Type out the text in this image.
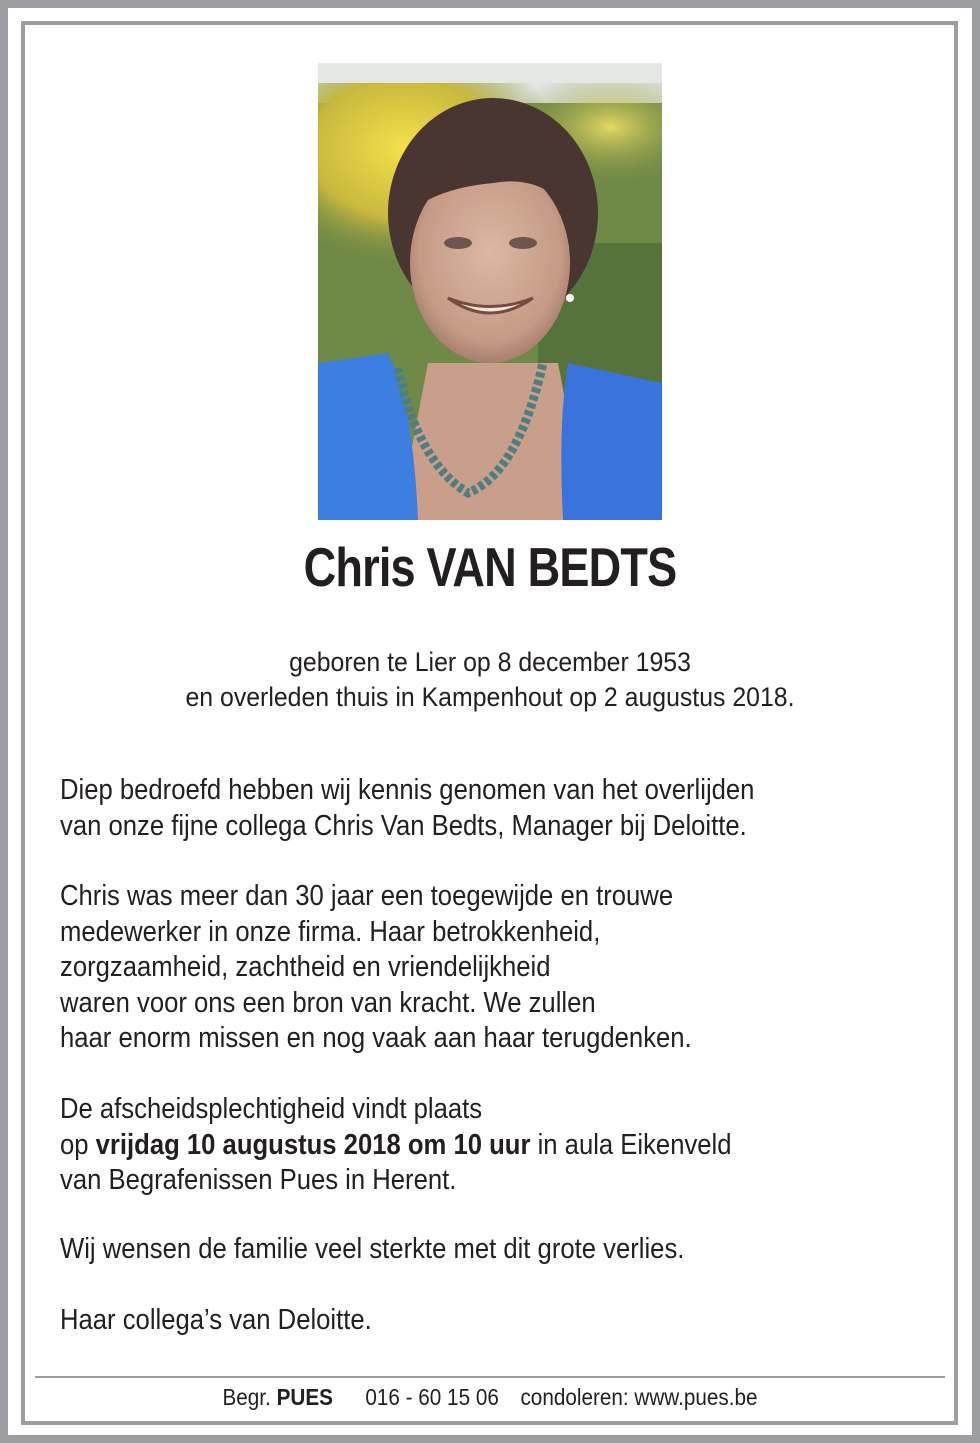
Chris VAN BEDTS
geboren te Lier op 8 december 1953
en overleden thuis in Kampenhout op 2 augustus 2018.
Diep bedroefd hebben wij kennis genomen van het overlijden
van onze fijne collega Chris Van Bedts, Manager bij Deloitte.
Chris was meer dan 30 jaar een toegewijde en trouwe
medewerker in onze firma. Haar betrokkenheid,
zorgzaamheid, zachtheid en vriendelijkheid
waren voor ons een bron van kracht. We zullen
haar enorm missen en nog vaak aan haar terugdenken.
De afscheidsplechtigheid vindt plaats
op vrijdag 10 augustus 2018 om 10 uur in aula Eikenveld
van Begrafenissen Pues in Herent.
Wij wensen de familie veel sterkte met dit grote verlies.
Haar collega’s van Deloitte.
Begr. PUES 016 - 60 15 06 condoleren: www.pues.be
